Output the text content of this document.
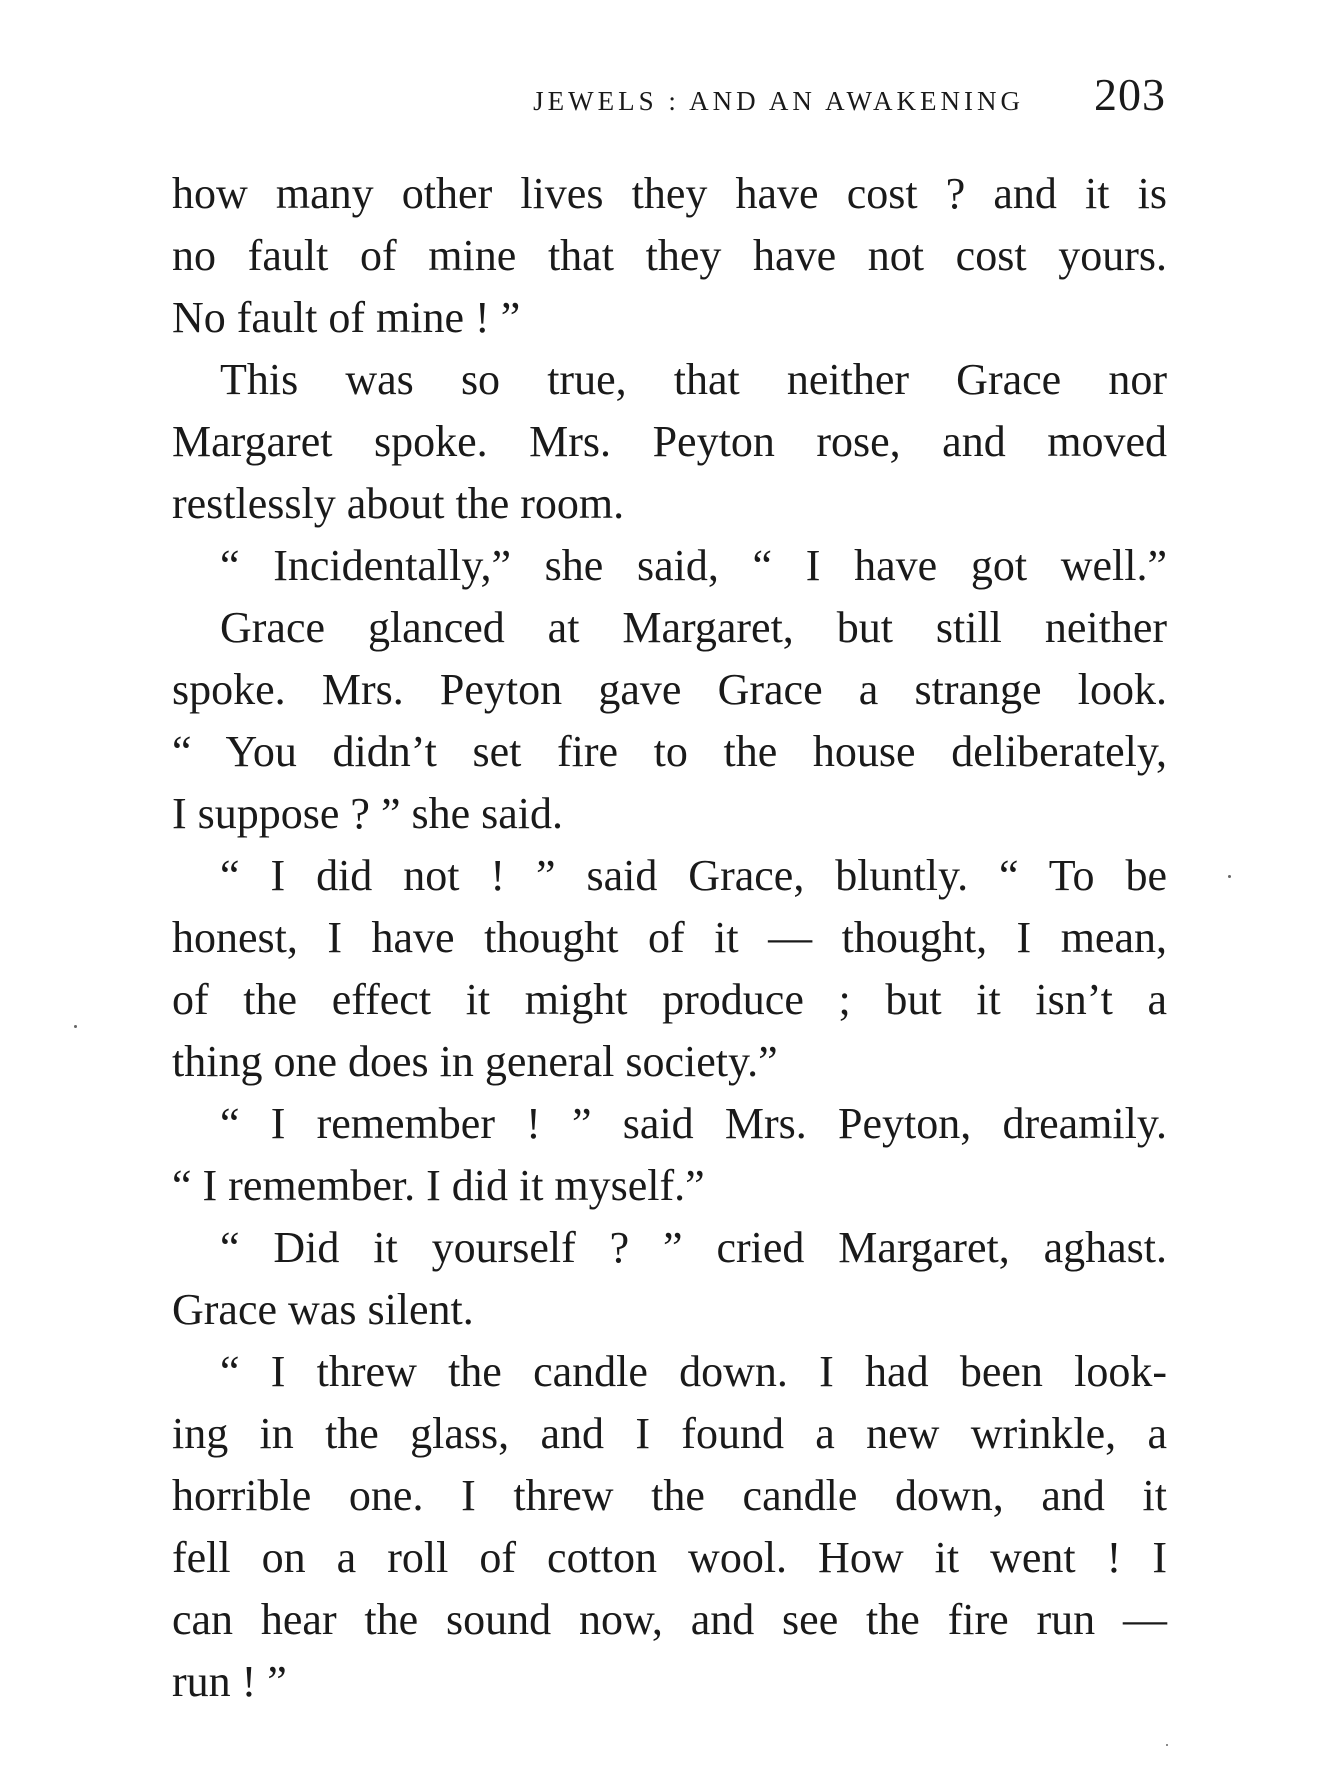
JEWELS : AND AN AWAKENING 203
how many other lives they have cost ? and it is
no fault of mine that they have not cost yours.
No fault of mine ! ”
This was so true, that neither Grace nor
Margaret spoke. Mrs. Peyton rose, and moved
restlessly about the room.
“ Incidentally,” she said, “ I have got well.”
Grace glanced at Margaret, but still neither
spoke. Mrs. Peyton gave Grace a strange look.
“ You didn’t set fire to the house deliberately,
I suppose ? ” she said.
“ I did not ! ” said Grace, bluntly. “ To be
honest, I have thought of it — thought, I mean,
of the effect it might produce ; but it isn’t a
thing one does in general society.”
“ I remember ! ” said Mrs. Peyton, dreamily.
“ I remember. I did it myself.”
“ Did it yourself ? ” cried Margaret, aghast.
Grace was silent.
“ I threw the candle down. I had been look-
ing in the glass, and I found a new wrinkle, a
horrible one. I threw the candle down, and it
fell on a roll of cotton wool. How it went ! I
can hear the sound now, and see the fire run —
run ! ”
